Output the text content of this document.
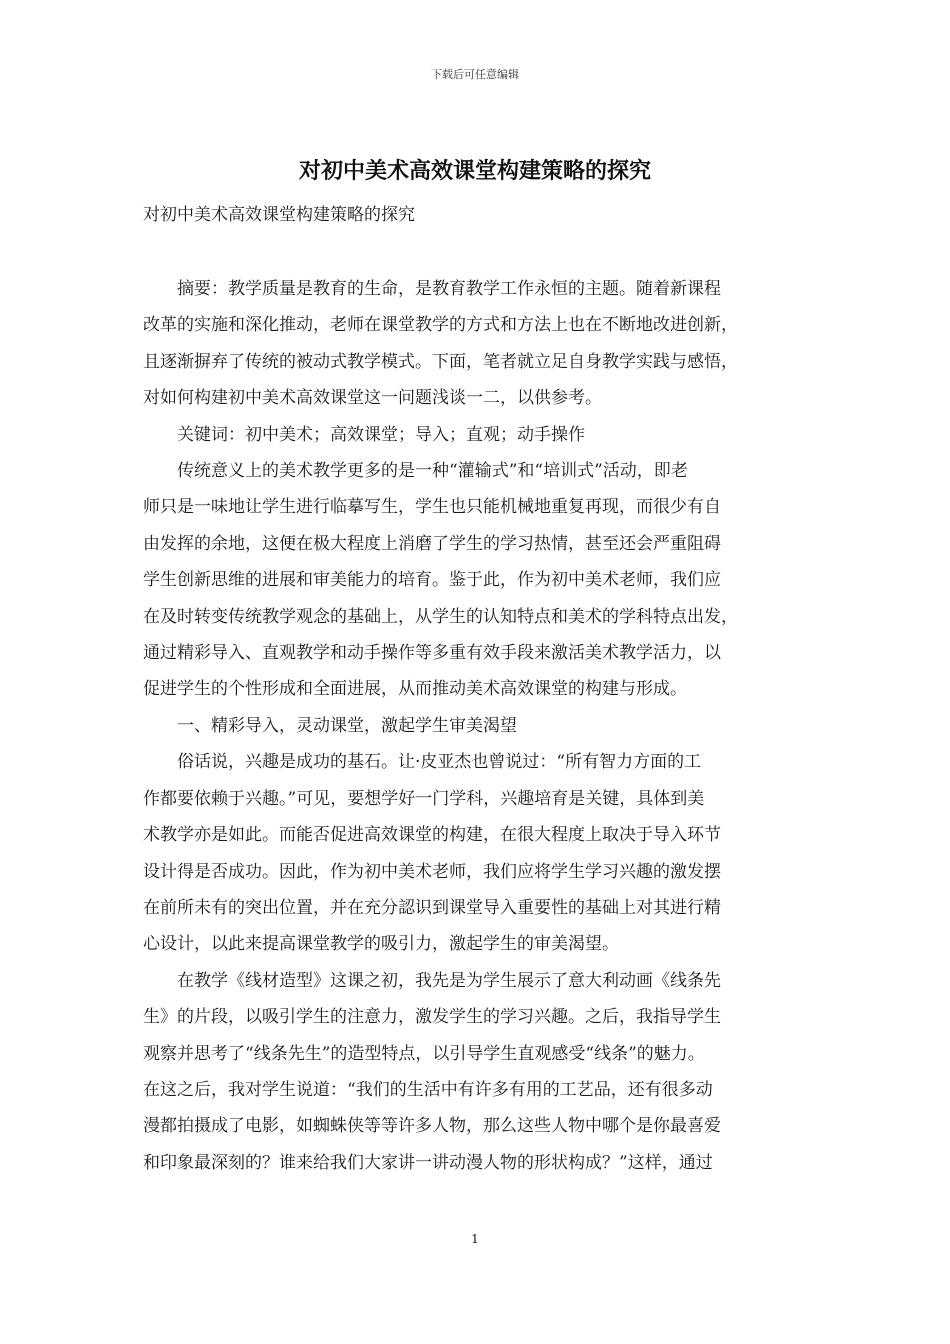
下载后可任意编辑
对初中美术高效课堂构建策略的探究

对初中美术高效课堂构建策略的探究

摘要：教学质量是教育的生命，是教育教学工作永恒的主题。随着新课程
改革的实施和深化推动，老师在课堂教学的方式和方法上也在不断地改进创新，
且逐渐摒弃了传统的被动式教学模式。下面，笔者就立足自身教学实践与感悟，
对如何构建初中美术高效课堂这一问题浅谈一二，以供参考。

关键词：初中美术；高效课堂；导入；直观；动手操作

传统意义上的美术教学更多的是一种“灌输式”和“培训式”活动，即老
师只是一味地让学生进行临摹写生，学生也只能机械地重复再现，而很少有自
由发挥的余地，这便在极大程度上消磨了学生的学习热情，甚至还会严重阻碍
学生创新思维的进展和审美能力的培育。鉴于此，作为初中美术老师，我们应
在及时转变传统教学观念的基础上，从学生的认知特点和美术的学科特点出发，
通过精彩导入、直观教学和动手操作等多重有效手段来激活美术教学活力，以
促进学生的个性形成和全面进展，从而推动美术高效课堂的构建与形成。

一、精彩导入，灵动课堂，激起学生审美渴望

俗话说，兴趣是成功的基石。让·皮亚杰也曾说过：“所有智力方面的工
作都要依赖于兴趣。”可见，要想学好一门学科，兴趣培育是关键，具体到美
术教学亦是如此。而能否促进高效课堂的构建，在很大程度上取决于导入环节
设计得是否成功。因此，作为初中美术老师，我们应将学生学习兴趣的激发摆
在前所未有的突出位置，并在充分認识到课堂导入重要性的基础上对其进行精
心设计，以此来提高课堂教学的吸引力，激起学生的审美渴望。

在教学《线材造型》这课之初，我先是为学生展示了意大利动画《线条先
生》的片段，以吸引学生的注意力，激发学生的学习兴趣。之后，我指导学生
观察并思考了“线条先生”的造型特点，以引导学生直观感受“线条”的魅力。
在这之后，我对学生说道：“我们的生活中有许多有用的工艺品，还有很多动
漫都拍摄成了电影，如蜘蛛侠等等许多人物，那么这些人物中哪个是你最喜爱
和印象最深刻的？谁来给我们大家讲一讲动漫人物的形状构成？”这样，通过

1
